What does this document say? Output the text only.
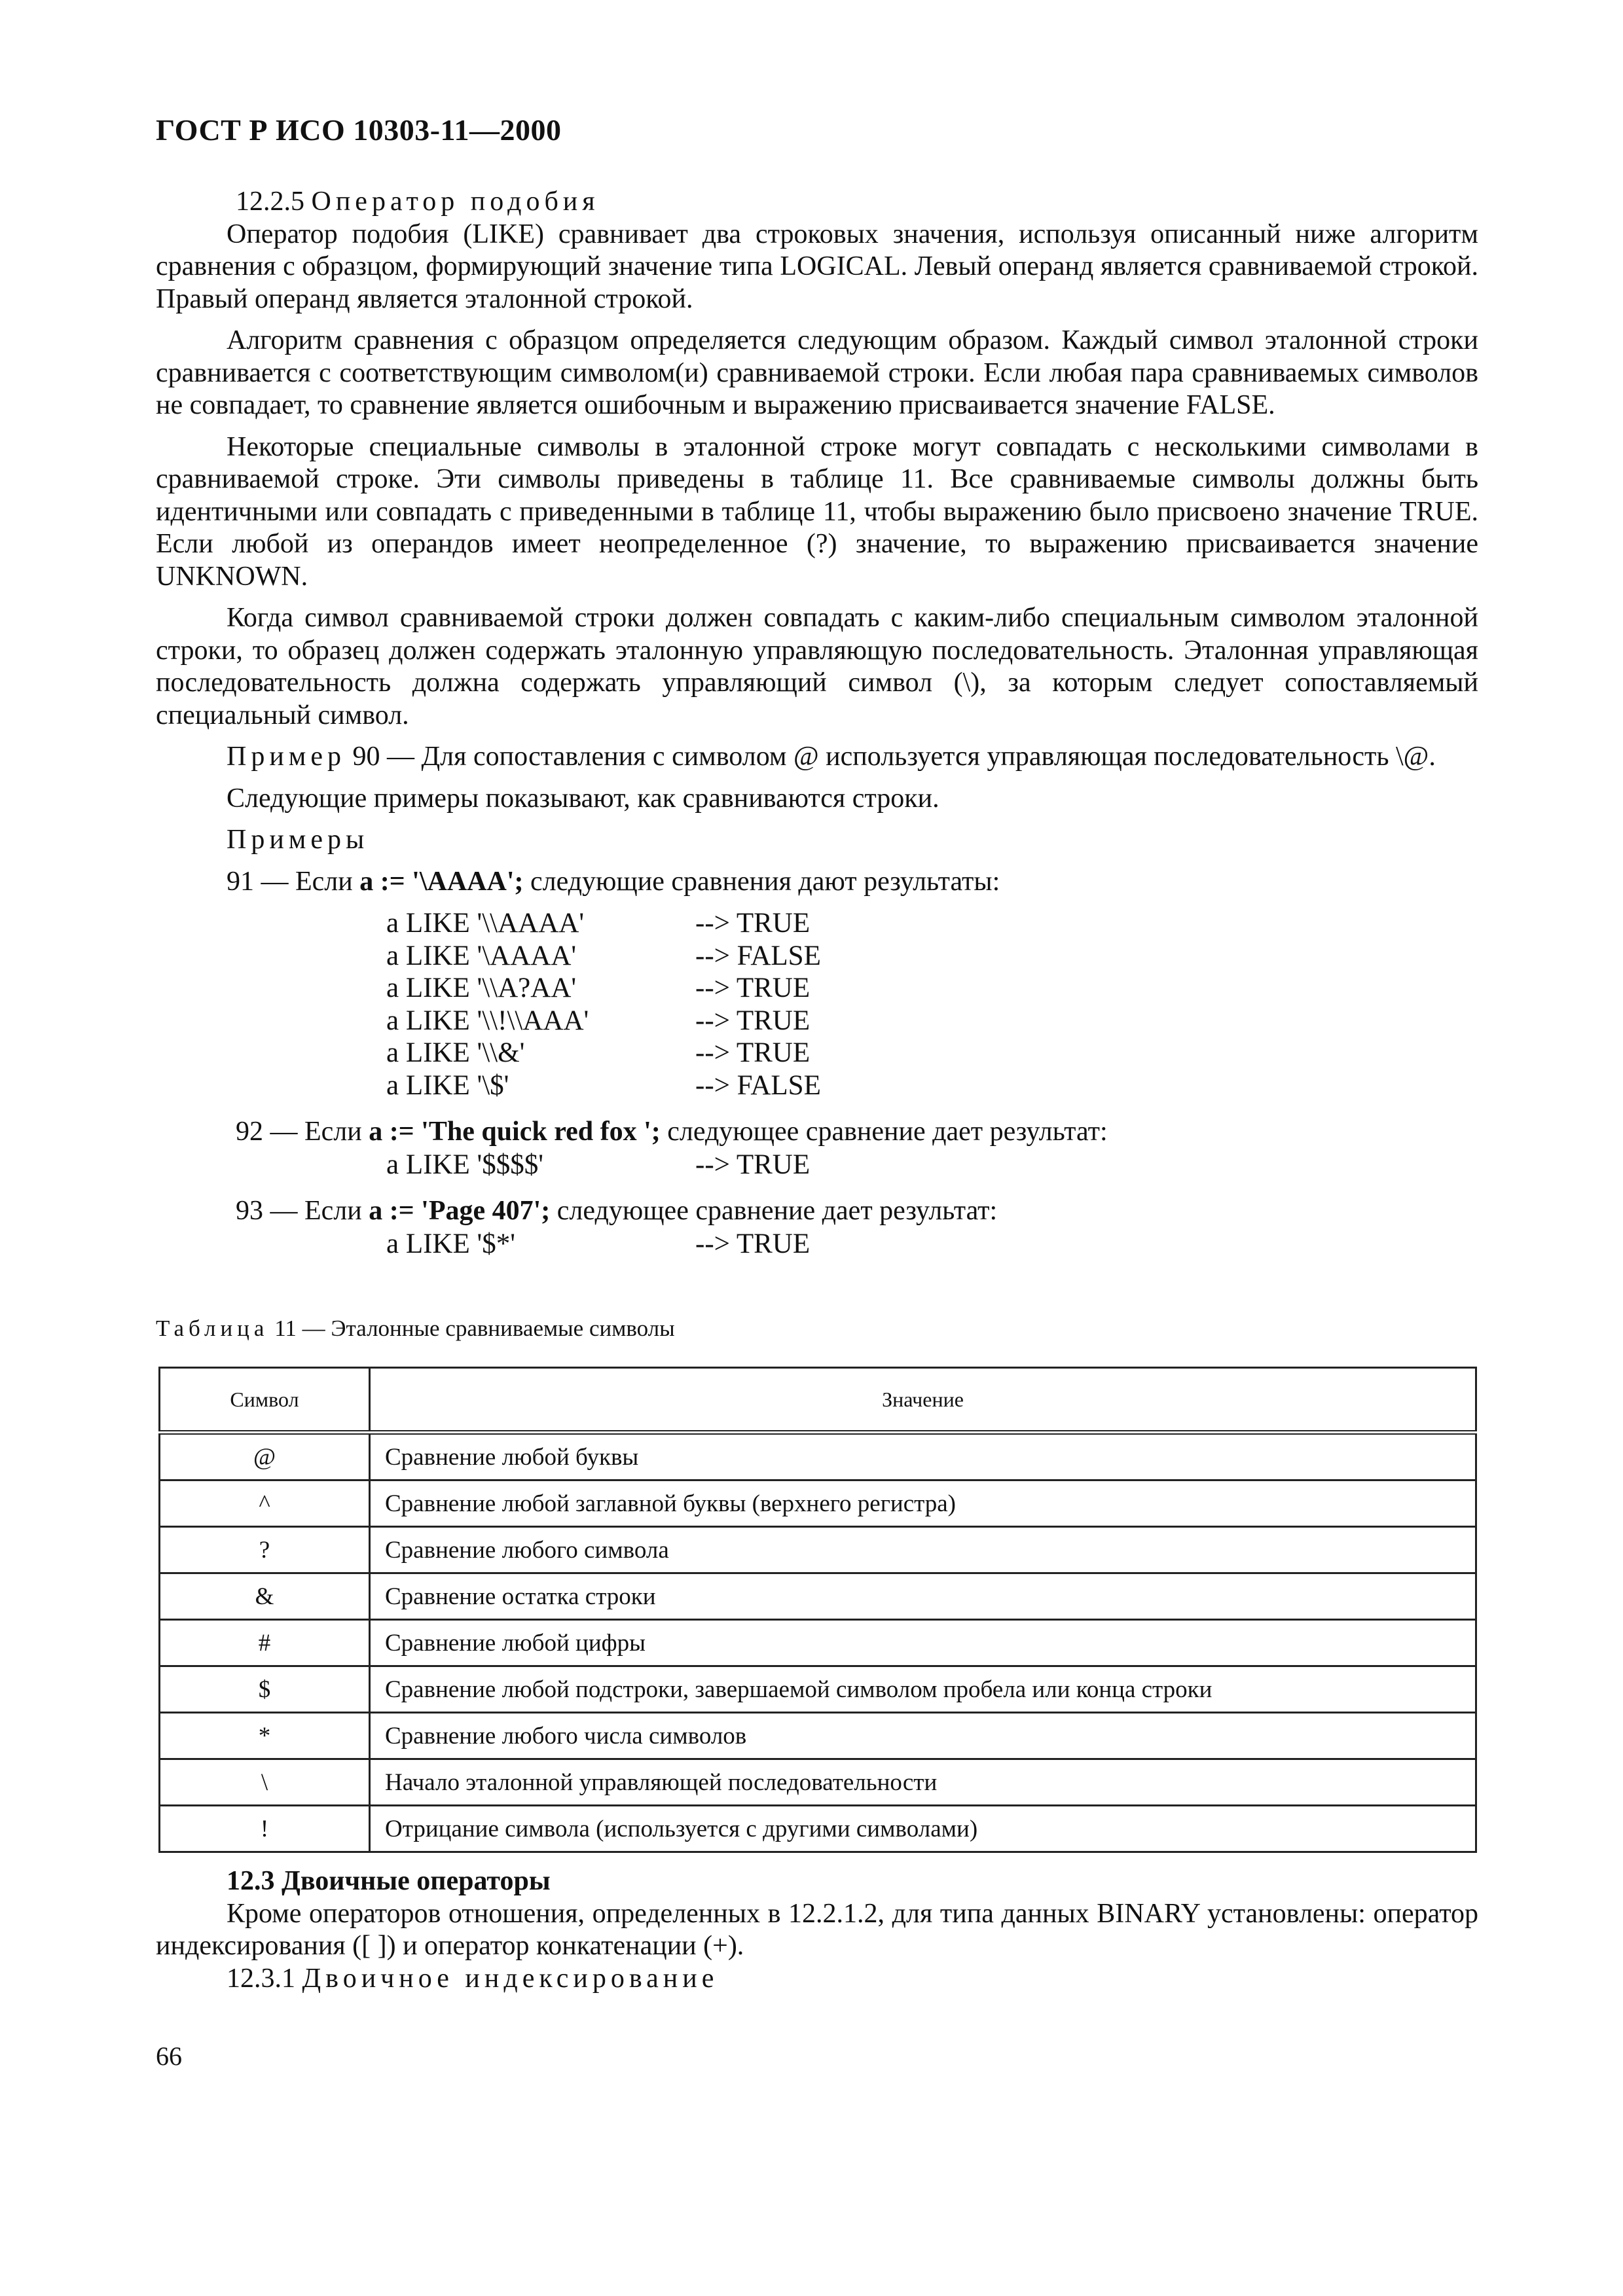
ГОСТ Р ИСО 10303-11—2000
12.2.5 Оператор подобия

Оператор подобия (LIKE) сравнивает два строковых значения, используя описанный ниже алгоритм сравнения с образцом, формирующий значение типа LOGICAL. Левый операнд является сравниваемой строкой. Правый операнд является эталонной строкой.

Алгоритм сравнения с образцом определяется следующим образом. Каждый символ эталонной строки сравнивается с соответствующим символом(и) сравниваемой строки. Если любая пара сравниваемых символов не совпадает, то сравнение является ошибочным и выражению присваивается значение FALSE.

Некоторые специальные символы в эталонной строке могут совпадать с несколькими символами в сравниваемой строке. Эти символы приведены в таблице 11. Все сравниваемые символы должны быть идентичными или совпадать с приведенными в таблице 11, чтобы выражению было присвоено значение TRUE. Если любой из операндов имеет неопределенное (?) значение, то выражению присваивается значение UNKNOWN.

Когда символ сравниваемой строки должен совпадать с каким-либо специальным символом эталонной строки, то образец должен содержать эталонную управляющую последовательность. Эталонная управляющая последовательность должна содержать управляющий символ (\), за которым следует сопоставляемый специальный символ.

Пример 90 — Для сопоставления с символом @ используется управляющая последовательность \@.

Следующие примеры показывают, как сравниваются строки.

Примеры
91 — Если a := '\AAAA'; следующие сравнения дают результаты:
a LIKE '\\AAAA'	--> TRUE
a LIKE '\AAAA'	--> FALSE
a LIKE '\\A?AA'	--> TRUE
a LIKE '\\!\\AAA'	--> TRUE
a LIKE '\\&'	--> TRUE
a LIKE '\$'	--> FALSE
92 — Если a := 'The quick red fox '; следующее сравнение дает результат:
a LIKE '$$$$'	--> TRUE
93 — Если a := 'Page 407'; следующее сравнение дает результат:
a LIKE '$*'	--> TRUE
Таблица 11 — Эталонные сравниваемые символы
Символ	Значение
@	Сравнение любой буквы
^	Сравнение любой заглавной буквы (верхнего регистра)
?	Сравнение любого символа
&	Сравнение остатка строки
#	Сравнение любой цифры
$	Сравнение любой подстроки, завершаемой символом пробела или конца строки
*	Сравнение любого числа символов
\	Начало эталонной управляющей последовательности
!	Отрицание символа (используется с другими символами)
12.3 Двоичные операторы

Кроме операторов отношения, определенных в 12.2.1.2, для типа данных BINARY установлены: оператор индексирования ([ ]) и оператор конкатенации (+).

12.3.1 Двоичное индексирование
66
